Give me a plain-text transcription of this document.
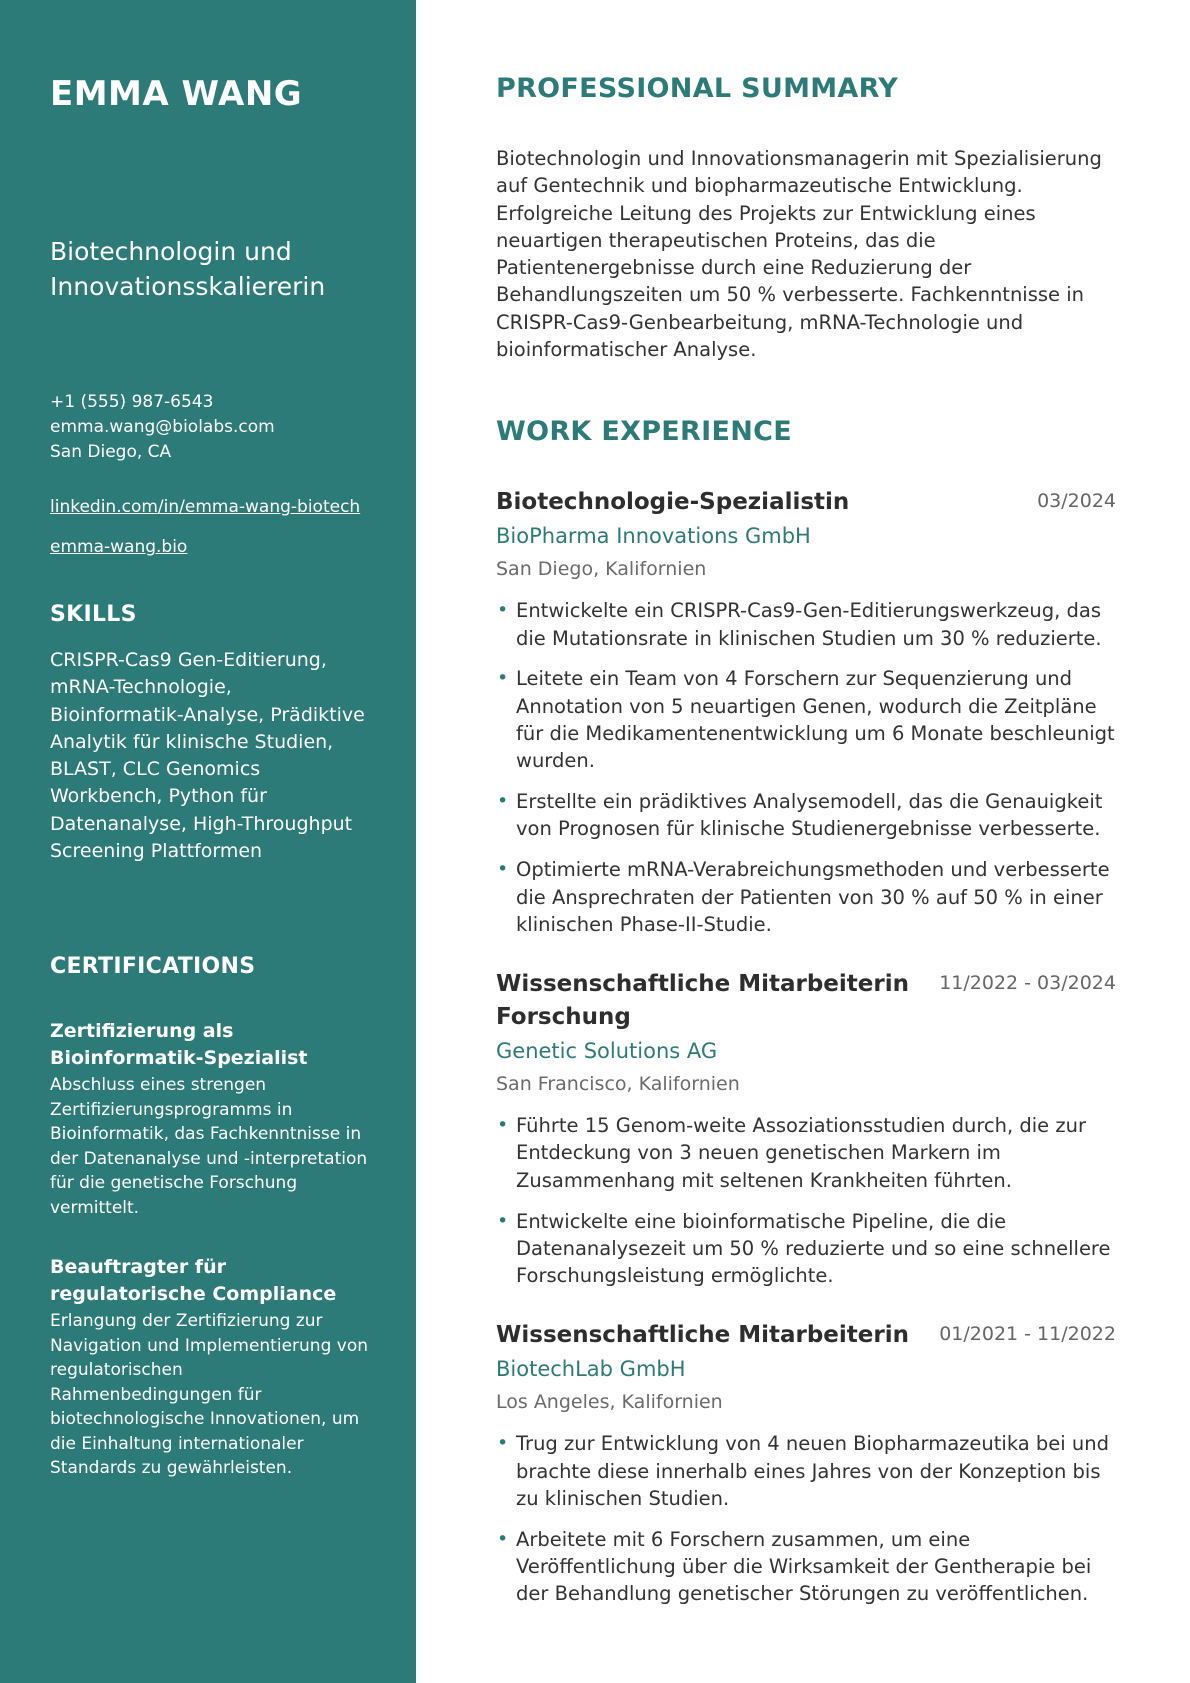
EMMA WANG
Biotechnologin und Innovationsskaliererin
+1 (555) 987-6543
emma.wang@biolabs.com
San Diego, CA
linkedin.com/in/emma-wang-biotech
emma-wang.bio
SKILLS
CRISPR-Cas9 Gen-Editierung, mRNA-Technologie, Bioinformatik-Analyse, Prädiktive Analytik für klinische Studien, BLAST, CLC Genomics Workbench, Python für Datenanalyse, High-Throughput Screening Plattformen
CERTIFICATIONS
Zertifizierung als Bioinformatik-Spezialist
Abschluss eines strengen Zertifizierungsprogramms in Bioinformatik, das Fachkenntnisse in der Datenanalyse und -interpretation für die genetische Forschung vermittelt.
Beauftragter für regulatorische Compliance
Erlangung der Zertifizierung zur Navigation und Implementierung von regulatorischen Rahmenbedingungen für biotechnologische Innovationen, um die Einhaltung internationaler Standards zu gewährleisten.
PROFESSIONAL SUMMARY

Biotechnologin und Innovationsmanagerin mit Spezialisierung auf Gentechnik und biopharmazeutische Entwicklung. Erfolgreiche Leitung des Projekts zur Entwicklung eines neuartigen therapeutischen Proteins, das die Patientenergebnisse durch eine Reduzierung der Behandlungszeiten um 50 % verbesserte. Fachkenntnisse in CRISPR-Cas9-Genbearbeitung, mRNA-Technologie und bioinformatischer Analyse.

WORK EXPERIENCE
Biotechnologie-Spezialistin	03/2024
BioPharma Innovations GmbH
San Diego, Kalifornien
• Entwickelte ein CRISPR-Cas9-Gen-Editierungswerkzeug, das die Mutationsrate in klinischen Studien um 30 % reduzierte.
• Leitete ein Team von 4 Forschern zur Sequenzierung und Annotation von 5 neuartigen Genen, wodurch die Zeitpläne für die Medikamentenentwicklung um 6 Monate beschleunigt wurden.
• Erstellte ein prädiktives Analysemodell, das die Genauigkeit von Prognosen für klinische Studienergebnisse verbesserte.
• Optimierte mRNA-Verabreichungsmethoden und verbesserte die Ansprechraten der Patienten von 30 % auf 50 % in einer klinischen Phase-II-Studie.
Wissenschaftliche Mitarbeiterin Forschung
11/2022 - 03/2024
Genetic Solutions AG
San Francisco, Kalifornien
• Führte 15 Genom-weite Assoziationsstudien durch, die zur Entdeckung von 3 neuen genetischen Markern im Zusammenhang mit seltenen Krankheiten führten.
• Entwickelte eine bioinformatische Pipeline, die die Datenanalysezeit um 50 % reduzierte und so eine schnellere Forschungsleistung ermöglichte.
Wissenschaftliche Mitarbeiterin 01/2021 - 11/2022
BiotechLab GmbH
Los Angeles, Kalifornien
• Trug zur Entwicklung von 4 neuen Biopharmazeutika bei und brachte diese innerhalb eines Jahres von der Konzeption bis zu klinischen Studien.
• Arbeitete mit 6 Forschern zusammen, um eine Veröffentlichung über die Wirksamkeit der Gentherapie bei der Behandlung genetischer Störungen zu veröffentlichen.
